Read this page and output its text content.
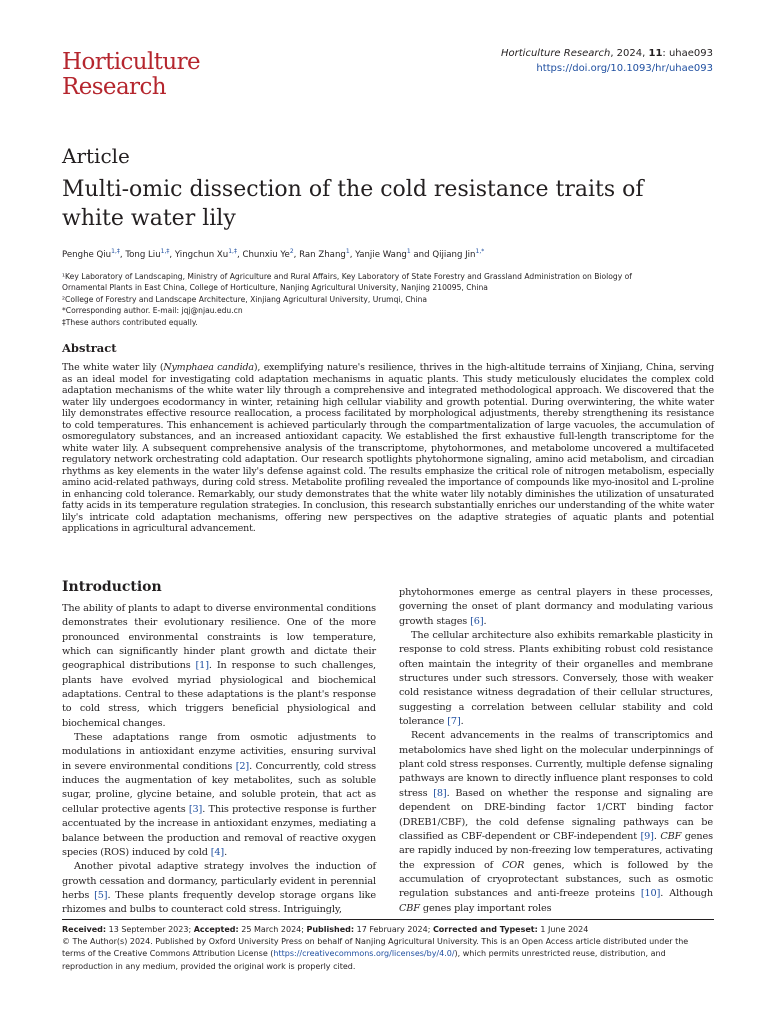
Horticulture
Research
Horticulture Research, 2024, 11: uhae093
https://doi.org/10.1093/hr/uhae093
Article
Multi-omic dissection of the cold resistance traits of
white water lily
Penghe Qiu$^{1,\ddagger}$, Tong Liu$^{1,\ddagger}$, Yingchun $Xu^{1,\ddagger}$, Chunxiu Ye$^2$, Ran Zhang$^1$, Yanjie Wang$^1$ and Qijiang Jin$^{1,*}$

¹Key Laboratory of Landscaping, Ministry of Agriculture and Rural Affairs, Key Laboratory of State Forestry and Grassland Administration on Biology of

Ornamental Plants in East China, College of Horticulture, Nanjing Agricultural University, Nanjing 210095, China

²College of Forestry and Landscape Architecture, Xinjiang Agricultural University, Urumqi, China

*Corresponding author. E-mail: jqj@njau.edu.cn

‡These authors contributed equally.

Abstract
The white water lily (Nymphaea candida), exemplifying nature's resilience, thrives in the high-altitude terrains of Xinjiang, China, serving as an ideal model for investigating cold adaptation mechanisms in aquatic plants. This study meticulously elucidates the complex cold adaptation mechanisms of the white water lily through a comprehensive and integrated methodological approach. We discovered that the water lily undergoes ecodormancy in winter, retaining high cellular viability and growth potential. During overwintering, the white water lily demonstrates effective resource reallocation, a process facilitated by morphological adjustments, thereby strengthening its resistance to cold temperatures. This enhancement is achieved particularly through the compartmentalization of large vacuoles, the accumulation of osmoregulatory substances, and an increased antioxidant capacity. We established the first exhaustive full-length transcriptome for the white water lily. A subsequent comprehensive analysis of the transcriptome, phytohormones, and metabolome uncovered a multifaceted regulatory network orchestrating cold adaptation. Our research spotlights phytohormone signaling, amino acid metabolism, and circadian rhythms as key elements in the water lily's defense against cold. The results emphasize the critical role of nitrogen metabolism, especially amino acid-related pathways, during cold stress. Metabolite profiling revealed the importance of compounds like myo-inositol and L-proline in enhancing cold tolerance. Remarkably, our study demonstrates that the white water lily notably diminishes the utilization of unsaturated fatty acids in its temperature regulation strategies. In conclusion, this research substantially enriches our understanding of the white water lily's intricate cold adaptation mechanisms, offering new perspectives on the adaptive strategies of aquatic plants and potential applications in agricultural advancement.
Introduction

The ability of plants to adapt to diverse environmental conditions demonstrates their evolutionary resilience. One of the more pronounced environmental constraints is low temperature, which can significantly hinder plant growth and dictate their geographical distributions [1]. In response to such challenges, plants have evolved myriad physiological and biochemical adaptations. Central to these adaptations is the plant's response to cold stress, which triggers beneficial physiological and biochemical changes.

These adaptations range from osmotic adjustments to modulations in antioxidant enzyme activities, ensuring survival in severe environmental conditions [2]. Concurrently, cold stress induces the augmentation of key metabolites, such as soluble sugar, proline, glycine betaine, and soluble protein, that act as cellular protective agents [3]. This protective response is further accentuated by the increase in antioxidant enzymes, mediating a balance between the production and removal of reactive oxygen species (ROS) induced by cold [4].

Another pivotal adaptive strategy involves the induction of growth cessation and dormancy, particularly evident in perennial herbs [5]. These plants frequently develop storage organs like rhizomes and bulbs to counteract cold stress. Intriguingly,

phytohormones emerge as central players in these processes, governing the onset of plant dormancy and modulating various growth stages [6].

The cellular architecture also exhibits remarkable plasticity in response to cold stress. Plants exhibiting robust cold resistance often maintain the integrity of their organelles and membrane structures under such stressors. Conversely, those with weaker cold resistance witness degradation of their cellular structures, suggesting a correlation between cellular stability and cold tolerance [7].

Recent advancements in the realms of transcriptomics and metabolomics have shed light on the molecular underpinnings of plant cold stress responses. Currently, multiple defense signaling pathways are known to directly influence plant responses to cold stress [8]. Based on whether the response and signaling are dependent on DRE-binding factor 1/CRT binding factor (DREB1/CBF), the cold defense signaling pathways can be classified as CBF-dependent or CBF-independent [9]. CBF genes are rapidly induced by non-freezing low temperatures, activating the expression of COR genes, which is followed by the accumulation of cryoprotectant substances, such as osmotic regulation substances and anti-freeze proteins [10]. Although CBF genes play important roles

Received: 13 September 2023; Accepted: 25 March 2024; Published: 17 February 2024; Corrected and Typeset: 1 June 2024

© The Author(s) 2024. Published by Oxford University Press on behalf of Nanjing Agricultural University. This is an Open Access article distributed under the

terms of the Creative Commons Attribution License (https://creativecommons.org/licenses/by/4.0/), which permits unrestricted reuse, distribution, and

reproduction in any medium, provided the original work is properly cited.
